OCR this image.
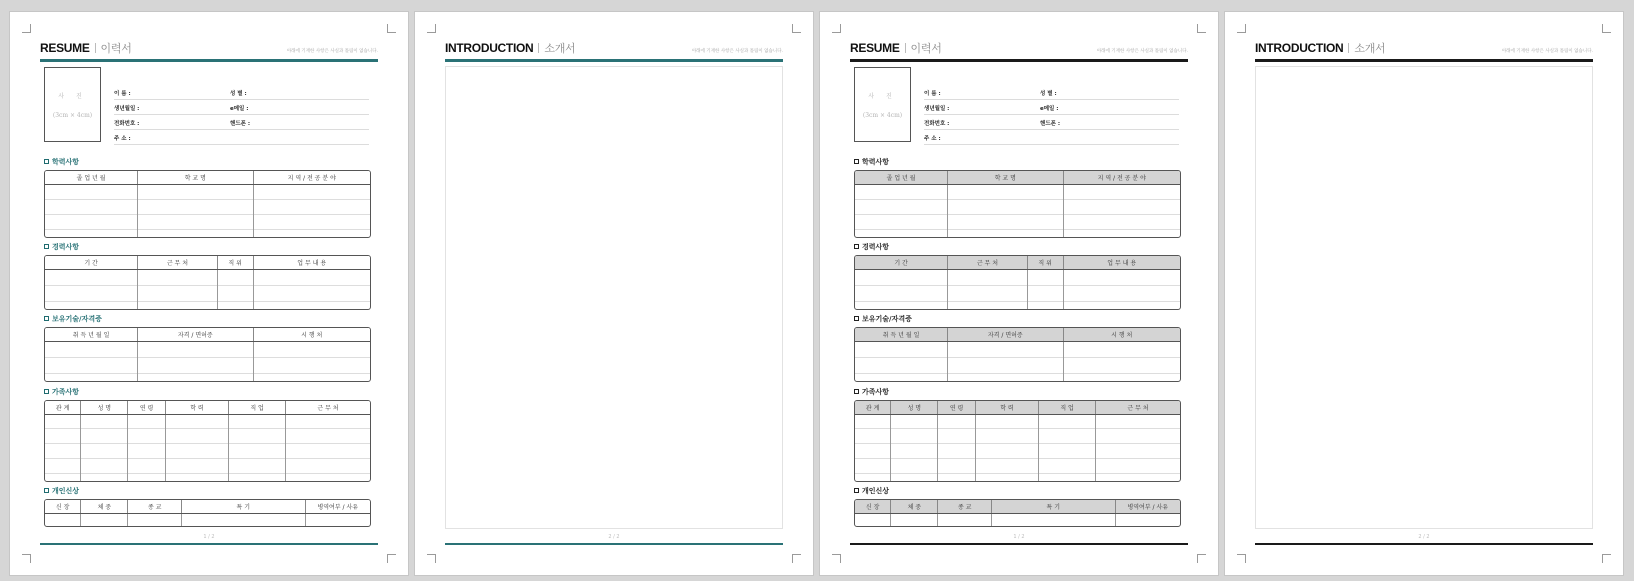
RESUME 이력서	아래에 기재한 사항은 사실과 틀림이 없습니다.
사 진
(3cm × 4cm)
이 름 :	성 별 :
생년월일 :	e메일 :
전화번호 :	핸드폰 :
주 소 :
학력사항
졸 업 년 월	학 교 명	지 역 / 전 공 분 야

경력사항
기 간	근 무 처	직 위	업 무 내 용

보유기술/자격증
취 득 년 월 일	자격 / 면허증	시 행 처

가족사항
관 계	성 명	연 령	학 력	직 업	근 무 처

개인신상
신 장	체 중	종 교	특 기	병역여부 / 사유

1 / 2
INTRODUCTION 소개서	아래에 기재한 사항은 사실과 틀림이 없습니다.
2 / 2
RESUME 이력서	아래에 기재한 사항은 사실과 틀림이 없습니다.
사 진
(3cm × 4cm)
이 름 :	성 별 :
생년월일 :	e메일 :
전화번호 :	핸드폰 :
주 소 :
학력사항
졸 업 년 월	학 교 명	지 역 / 전 공 분 야

경력사항
기 간	근 무 처	직 위	업 무 내 용

보유기술/자격증
취 득 년 월 일	자격 / 면허증	시 행 처

가족사항
관 계	성 명	연 령	학 력	직 업	근 무 처

개인신상
신 장	체 중	종 교	특 기	병역여부 / 사유

1 / 2
INTRODUCTION 소개서	아래에 기재한 사항은 사실과 틀림이 없습니다.
2 / 2
